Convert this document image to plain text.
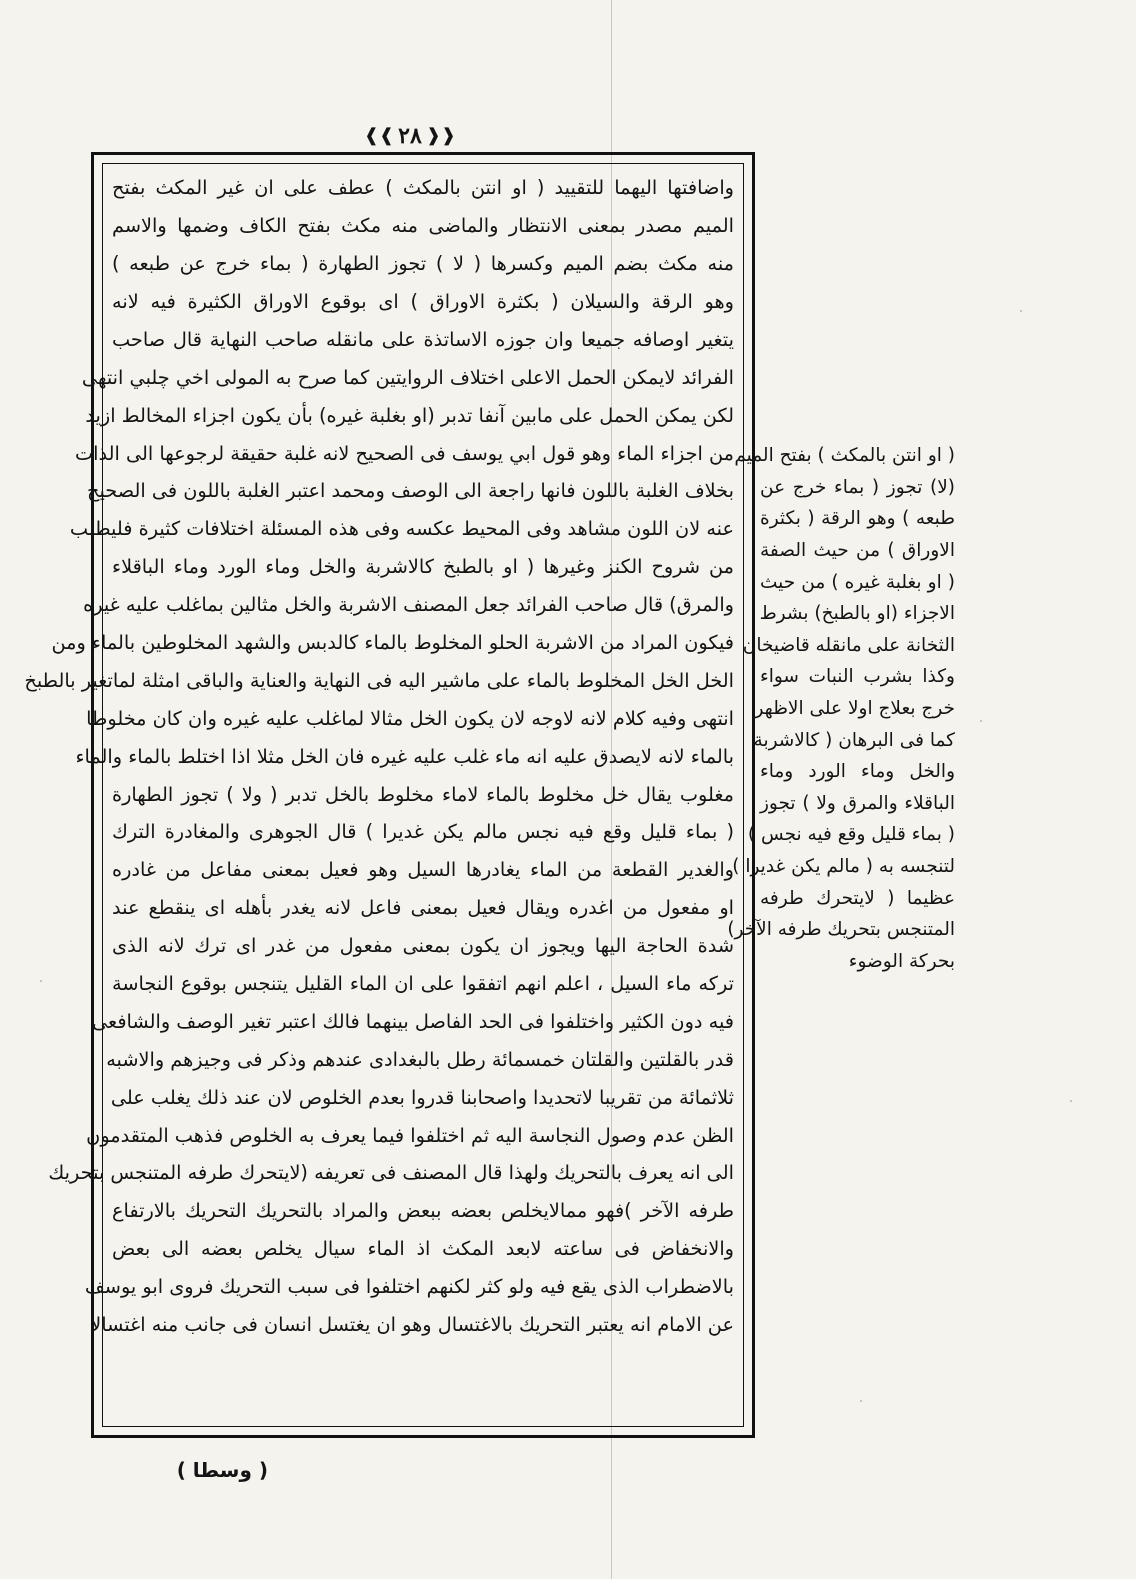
❰❰ ٢٨ ❱❱
واضافتها اليهما للتقييد ( او انتن بالمكث ) عطف على ان غير المكث بفتح
الميم مصدر بمعنى الانتظار والماضى منه مكث بفتح الكاف وضمها والاسم
منه مكث بضم الميم وكسرها ( لا ) تجوز الطهارة ( بماء خرج عن طبعه )
وهو الرقة والسيلان ( بكثرة الاوراق ) اى بوقوع الاوراق الكثيرة فيه لانه
يتغير اوصافه جميعا وان جوزه الاساتذة على مانقله صاحب النهاية قال صاحب
الفرائد لايمكن الحمل الاعلى اختلاف الروايتين كما صرح به المولى اخي چلبي انتهى
لكن يمكن الحمل على مابين آنفا تدبر (او بغلبة غيره) بأن يكون اجزاء المخالط ازيد
من اجزاء الماء وهو قول ابي يوسف فى الصحيح لانه غلبة حقيقة لرجوعها الى الذات
بخلاف الغلبة باللون فانها راجعة الى الوصف ومحمد اعتبر الغلبة باللون فى الصحيح
عنه لان اللون مشاهد وفى المحيط عكسه وفى هذه المسئلة اختلافات كثيرة فليطلب
من شروح الكنز وغيرها ( او بالطبخ كالاشربة والخل وماء الورد وماء الباقلاء
والمرق) قال صاحب الفرائد جعل المصنف الاشربة والخل مثالين بماغلب عليه غيره
فيكون المراد من الاشربة الحلو المخلوط بالماء كالدبس والشهد المخلوطين بالماء ومن
الخل الخل المخلوط بالماء على ماشير اليه فى النهاية والعناية والباقى امثلة لماتغير بالطبخ
انتهى وفيه كلام لانه لاوجه لان يكون الخل مثالا لماغلب عليه غيره وان كان مخلوطا
بالماء لانه لايصدق عليه انه ماء غلب عليه غيره فان الخل مثلا اذا اختلط بالماء والماء
مغلوب يقال خل مخلوط بالماء لاماء مخلوط بالخل تدبر ( ولا ) تجوز الطهارة
( بماء قليل وقع فيه نجس مالم يكن غديرا ) قال الجوهرى والمغادرة الترك
والغدير القطعة من الماء يغادرها السيل وهو فعيل بمعنى مفاعل من غادره
او مفعول من اغدره ويقال فعيل بمعنى فاعل لانه يغدر بأهله اى ينقطع عند
شدة الحاجة اليها ويجوز ان يكون بمعنى مفعول من غدر اى ترك لانه الذى
تركه ماء السيل ، اعلم انهم اتفقوا على ان الماء القليل يتنجس بوقوع النجاسة
فيه دون الكثير واختلفوا فى الحد الفاصل بينهما فالك اعتبر تغير الوصف والشافعى
قدر بالقلتين والقلتان خمسمائة رطل بالبغدادى عندهم وذكر فى وجيزهم والاشبه
ثلاثمائة من تقريبا لاتحديدا واصحابنا قدروا بعدم الخلوص لان عند ذلك يغلب على
الظن عدم وصول النجاسة اليه ثم اختلفوا فيما يعرف به الخلوص فذهب المتقدمون
الى انه يعرف بالتحريك ولهذا قال المصنف فى تعريفه (لايتحرك طرفه المتنجس بتحريك
طرفه الآخر )فهو ممالايخلص بعضه ببعض والمراد بالتحريك التحريك بالارتفاع
والانخفاض فى ساعته لابعد المكث اذ الماء سيال يخلص بعضه الى بعض
بالاضطراب الذى يقع فيه ولو كثر لكنهم اختلفوا فى سبب التحريك فروى ابو يوسف
عن الامام انه يعتبر التحريك بالاغتسال وهو ان يغتسل انسان فى جانب منه اغتسالا
( وسطا )
( او انتن بالمكث ) بفتح الميم
(لا) تجوز ( بماء خرج عن
طبعه ) وهو الرقة ( بكثرة
الاوراق ) من حيث الصفة
( او بغلبة غيره ) من حيث
الاجزاء (او بالطبخ) بشرط
الثخانة على مانقله قاضيخان
وكذا بشرب النبات سواء
خرج بعلاج اولا على الاظهر
كما فى البرهان ( كالاشربة
والخل وماء الورد وماء
الباقلاء والمرق ولا ) تجوز
( بماء قليل وقع فيه نجس )
لتنجسه به ( مالم يكن غديرا )
عظيما ( لايتحرك طرفه
المتنجس بتحريك طرفه الآخر)
بحركة الوضوء
